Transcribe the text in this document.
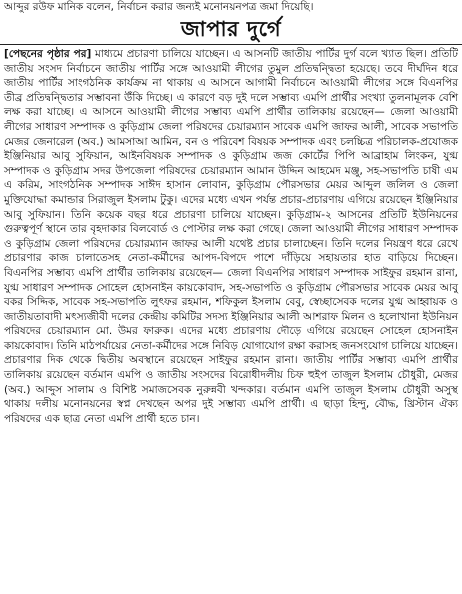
আব্দুর রউফ মানিক বলেন, নির্বাচন করার জন্যই মনোনয়নপত্র জমা দিয়েছি।
জাপার দুর্গে

[পেছনের পৃষ্ঠার পর] মাধ্যমে প্রচারণা চালিয়ে যাচ্ছেন। এ আসনটি জাতীয় পার্টির দুর্গ বলে খ্যাত ছিল। প্রতিটি জাতীয় সংসদ নির্বাচনে জাতীয় পার্টির সঙ্গে আওয়ামী লীগের তুমুল প্রতিদ্বন্দ্বিতা হয়েছে। তবে দীর্ঘদিন ধরে জাতীয় পার্টির সাংগঠনিক কার্যক্রম না থাকায় এ আসনে আগামী নির্বাচনে আওয়ামী লীগের সঙ্গে বিএনপির তীব্র প্রতিদ্বন্দ্বিতার সম্ভাবনা উঁকি দিচ্ছে। এ কারণে বড় দুই দলে সম্ভাব্য এমপি প্রার্থীর সংখ্যা তুলনামূলক বেশি লক্ষ করা যাচ্ছে। এ আসনে আওয়ামী লীগের সম্ভাব্য এমপি প্রার্থীর তালিকায় রয়েছেন— জেলা আওয়ামী লীগের সাধারণ সম্পাদক ও কুড়িগ্রাম জেলা পরিষদের চেয়ারম্যান সাবেক এমপি জাফর আলী, সাবেক সভাপতি মেজর জেনারেল (অব.) আমসাআ আমিন, বন ও পরিবেশ বিষয়ক সম্পাদক এবং চলচ্চিত্র পরিচালক-প্রযোজক ইঞ্জিনিয়ার আবু সুফিয়ান, আইনবিষয়ক সম্পাদক ও কুড়িগ্রাম জজ কোর্টের পিপি আব্রাহাম লিংকন, যুগ্ম সম্পাদক ও কুড়িগ্রাম সদর উপজেলা পরিষদের চেয়ারম্যান আমান উদ্দিন আহমেদ মঞ্জু, সহ-সভাপতি চাষী এম এ করিম, সাংগঠনিক সম্পাদক সাঈদ হাসান লোবান, কুড়িগ্রাম পৌরসভার মেয়র আব্দুল জলিল ও জেলা মুক্তিযোদ্ধা কমান্ডার সিরাজুল ইসলাম টুকু। এদের মধ্যে এখন পর্যন্ত প্রচার-প্রচারণায় এগিয়ে রয়েছেন ইঞ্জিনিয়ার আবু সুফিয়ান। তিনি কয়েক বছর ধরে প্রচারণা চালিয়ে যাচ্ছেন। কুড়িগ্রাম-২ আসনের প্রতিটি ইউনিয়নের গুরুত্বপূর্ণ স্থানে তার বৃহদাকার বিলবোর্ড ও পোস্টার লক্ষ করা গেছে। জেলা আওয়ামী লীগের সাধারণ সম্পাদক ও কুড়িগ্রাম জেলা পরিষদের চেয়ারম্যান জাফর আলী যথেষ্ট প্রচার চালাচ্ছেন। তিনি দলের নিয়ন্ত্রণ ধরে রেখে প্রচারণার কাজ চালাতেসহ নেতা-কর্মীদের আপদ-বিপদে পাশে দাঁড়িয়ে সহায়তার হাত বাড়িয়ে দিচ্ছেন। বিএনপির সম্ভাব্য এমপি প্রার্থীর তালিকায় রয়েছেন— জেলা বিএনপির সাধারণ সম্পাদক সাইফুর রহমান রানা, যুগ্ম সাধারণ সম্পাদক সোহেল হোসনাইন কায়কোবাদ, সহ-সভাপতি ও কুড়িগ্রাম পৌরসভার সাবেক মেয়র আবু বকর সিদ্দিক, সাবেক সহ-সভাপতি লুৎফর রহমান, শফিকুল ইসলাম বেবু, স্বেচ্ছাসেবক দলের যুগ্ম আহ্বায়ক ও জাতীয়তাবাদী মৎস্যজীবী দলের কেন্দ্রীয় কমিটির সদস্য ইঞ্জিনিয়ার আলী আশরাফ মিলন ও হলোখানা ইউনিয়ন পরিষদের চেয়ারম্যান মো. উমর ফারুক। এদের মধ্যে প্রচারণায় দৌড়ে এগিয়ে রয়েছেন সোহেল হোসনাইন কায়কোবাদ। তিনি মাঠপর্যায়ের নেতা-কর্মীদের সঙ্গে নিবিড় যোগাযোগ রক্ষা করাসহ জনসংযোগ চালিয়ে যাচ্ছেন। প্রচারণার দিক থেকে দ্বিতীয় অবস্থানে রয়েছেন সাইফুর রহমান রানা। জাতীয় পার্টির সম্ভাব্য এমপি প্রার্থীর তালিকায় রয়েছেন বর্তমান এমপি ও জাতীয় সংসদের বিরোধীদলীয় চিফ হুইপ তাজুল ইসলাম চৌধুরী, মেজর (অব.) আব্দুস সালাম ও বিশিষ্ট সমাজসেবক নুরুন্নবী খন্দকার। বর্তমান এমপি তাজুল ইসলাম চৌধুরী অসুস্থ থাকায় দলীয় মনোনয়নের স্বপ্ন দেখছেন অপর দুই সম্ভাব্য এমপি প্রার্থী। এ ছাড়া হিন্দু, বৌদ্ধ, খ্রিস্টান ঐক্য পরিষদের এক ছাত্র নেতা এমপি প্রার্থী হতে চান।
